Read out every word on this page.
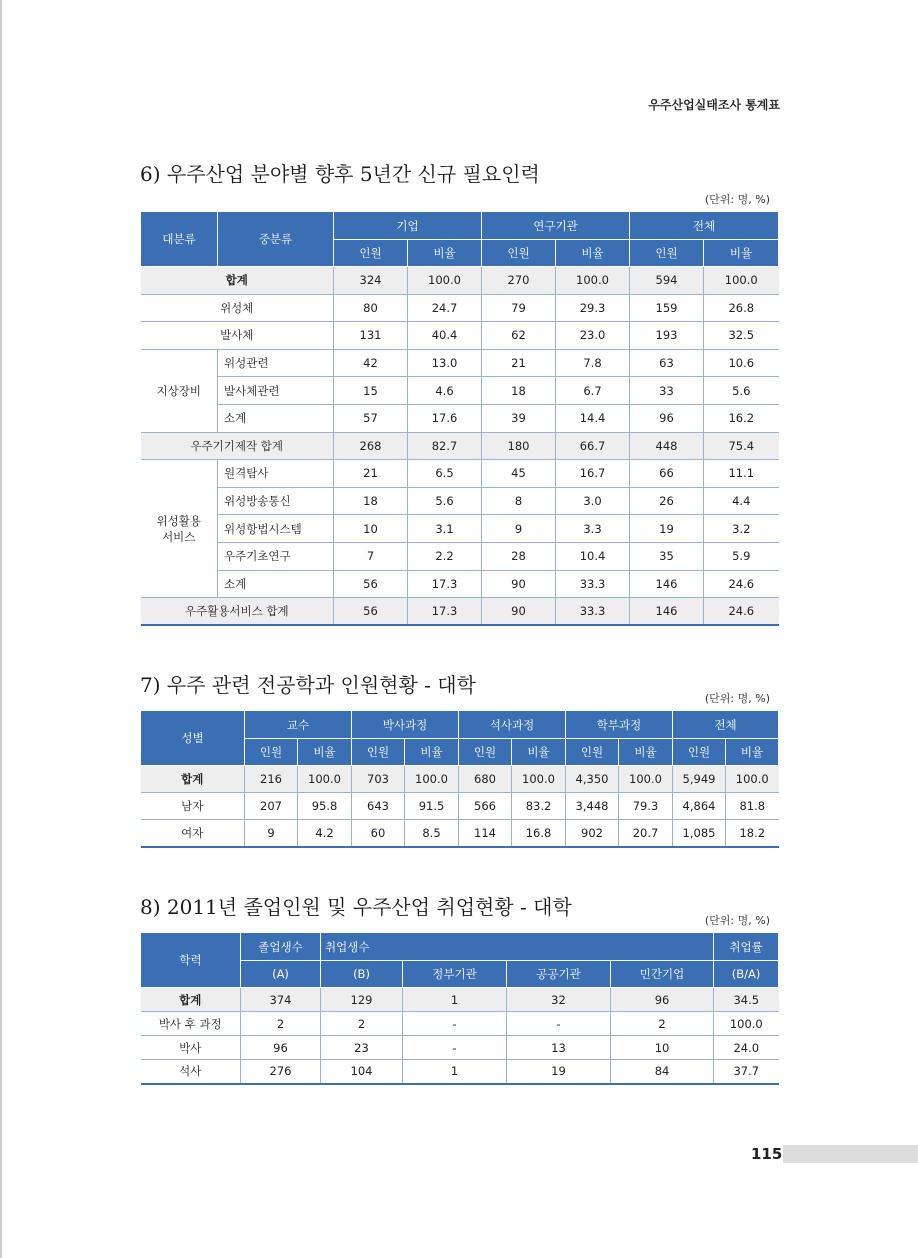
우주산업실태조사 통계표
6) 우주산업 분야별 향후 5년간 신규 필요인력
(단위: 명, %)
대분류	중분류	기업		연구기관		전체	
		인원	비율	인원	비율	인원	비율
합계		324	100.0	270	100.0	594	100.0
위성체		80	24.7	79	29.3	159	26.8
발사체		131	40.4	62	23.0	193	32.5
지상장비	위성관련	42	13.0	21	7.8	63	10.6
	발사체관련	15	4.6	18	6.7	33	5.6
	소계	57	17.6	39	14.4	96	16.2
우주기기제작 합계		268	82.7	180	66.7	448	75.4

위성활용
서비스	원격탐사	21	6.5	45	16.7	66	11.1
	위성방송통신	18	5.6	8	3.0	26	4.4
	위성항법시스템	10	3.1	9	3.3	19	3.2
	우주기초연구	7	2.2	28	10.4	35	5.9
	소계	56	17.3	90	33.3	146	24.6
우주활용서비스 합계		56	17.3	90	33.3	146	24.6
7) 우주 관련 전공학과 인원현황 - 대학
(단위: 명, %)
성별	교수		박사과정		석사과정		학부과정		전체	
	인원	비율	인원	비율	인원	비율	인원	비율	인원	비율
합계	216	100.0	703	100.0	680	100.0	4,350	100.0	5,949	100.0
남자	207	95.8	643	91.5	566	83.2	3,448	79.3	4,864	81.8
여자	9	4.2	60	8.5	114	16.8	902	20.7	1,085	18.2
8) 2011년 졸업인원 및 우주산업 취업현황 - 대학
(단위: 명, %)
학력	졸업생수	취업생수				취업률
	(A)	(B)	정부기관	공공기관	민간기업	(B/A)
합계	374	129	1	32	96	34.5
박사 후 과정	2	2	-	-	2	100.0
박사	96	23	-	13	10	24.0
석사	276	104	1	19	84	37.7
115
